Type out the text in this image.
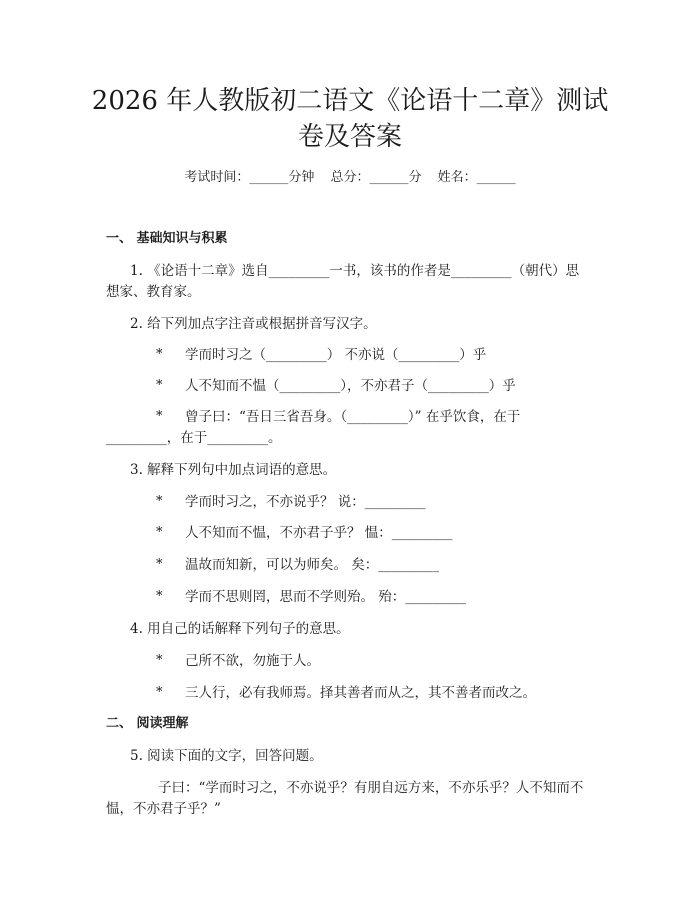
2026 年人教版初二语文《论语十二章》测试
卷及答案
考试时间：______分钟 总分：______分 姓名：______
一、 基础知识与积累
1. 《论语十二章》选自_________一书，该书的作者是_________（朝代）思
想家、教育家。
2. 给下列加点字注音或根据拼音写汉字。
* 学而时习之（_________） 不亦说（_________）乎
* 人不知而不愠（_________），不亦君子（_________）乎
* 曾子曰：“吾日三省吾身。（_________）” 在乎饮食，在于
_________，在于_________。
3. 解释下列句中加点词语的意思。
* 学而时习之，不亦说乎？ 说：_________
* 人不知而不愠，不亦君子乎？ 愠：_________
* 温故而知新，可以为师矣。 矣：_________
* 学而不思则罔，思而不学则殆。 殆：_________
4. 用自己的话解释下列句子的意思。
* 己所不欲，勿施于人。
* 三人行，必有我师焉。择其善者而从之，其不善者而改之。
二、 阅读理解
5. 阅读下面的文字，回答问题。
子曰：“学而时习之，不亦说乎？有朋自远方来，不亦乐乎？人不知而不
愠，不亦君子乎？”
